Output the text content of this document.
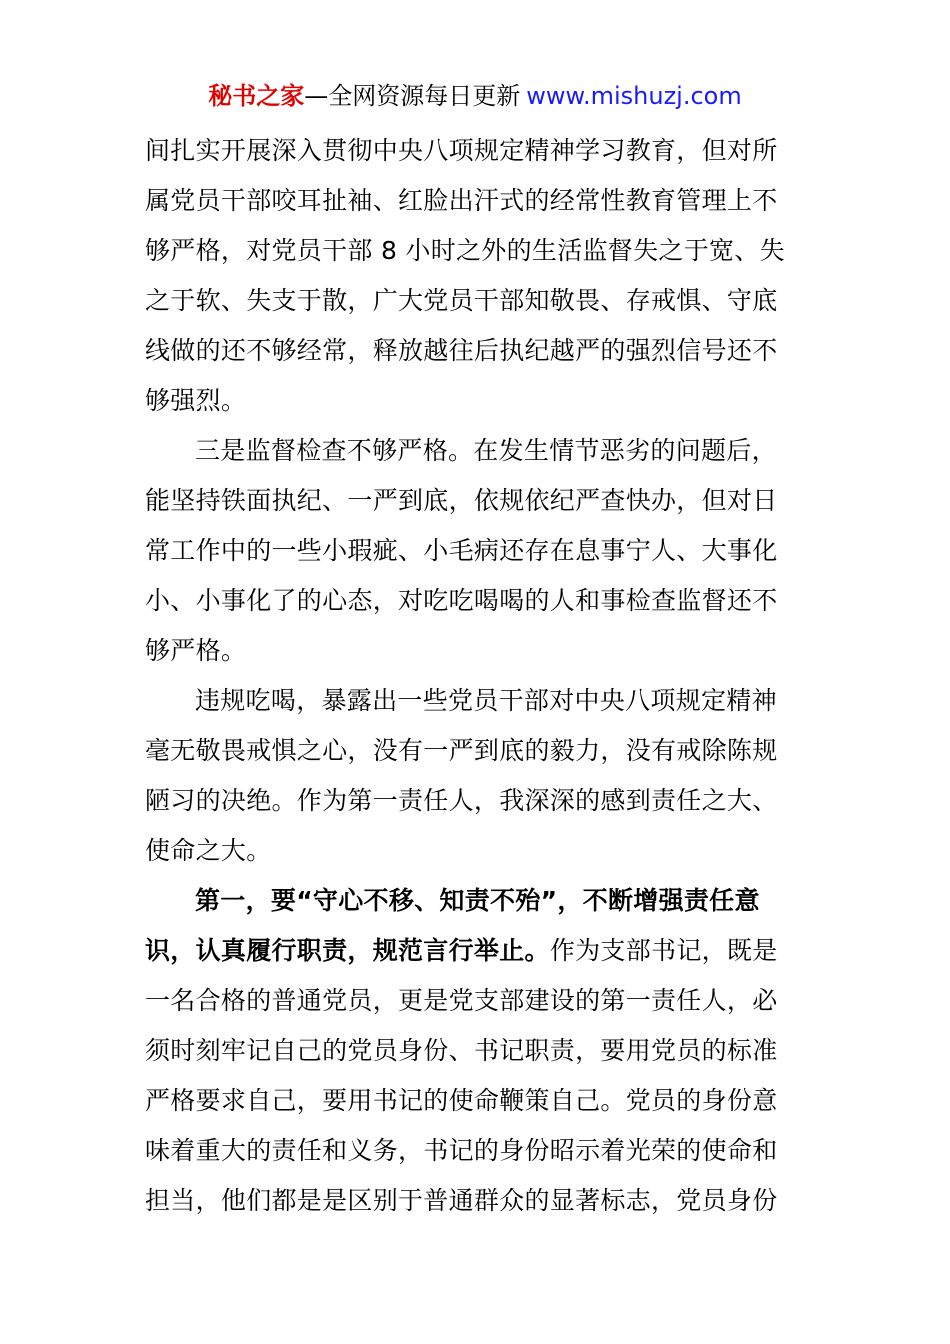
秘书之家—全网资源每日更新 www.mishuzj.com
间扎实开展深入贯彻中央八项规定精神学习教育，但对所
属党员干部咬耳扯袖、红脸出汗式的经常性教育管理上不
够严格，对党员干部 8 小时之外的生活监督失之于宽、失
之于软、失支于散，广大党员干部知敬畏、存戒惧、守底
线做的还不够经常，释放越往后执纪越严的强烈信号还不
够强烈。
三是监督检查不够严格。在发生情节恶劣的问题后，
能坚持铁面执纪、一严到底，依规依纪严查快办，但对日
常工作中的一些小瑕疵、小毛病还存在息事宁人、大事化
小、小事化了的心态，对吃吃喝喝的人和事检查监督还不
够严格。
违规吃喝，暴露出一些党员干部对中央八项规定精神
毫无敬畏戒惧之心，没有一严到底的毅力，没有戒除陈规
陋习的决绝。作为第一责任人，我深深的感到责任之大、
使命之大。
第一，要“守心不移、知责不殆”，不断增强责任意
识，认真履行职责，规范言行举止。作为支部书记，既是
一名合格的普通党员，更是党支部建设的第一责任人，必
须时刻牢记自己的党员身份、书记职责，要用党员的标准
严格要求自己，要用书记的使命鞭策自己。党员的身份意
味着重大的责任和义务，书记的身份昭示着光荣的使命和
担当，他们都是是区别于普通群众的显著标志，党员身份
